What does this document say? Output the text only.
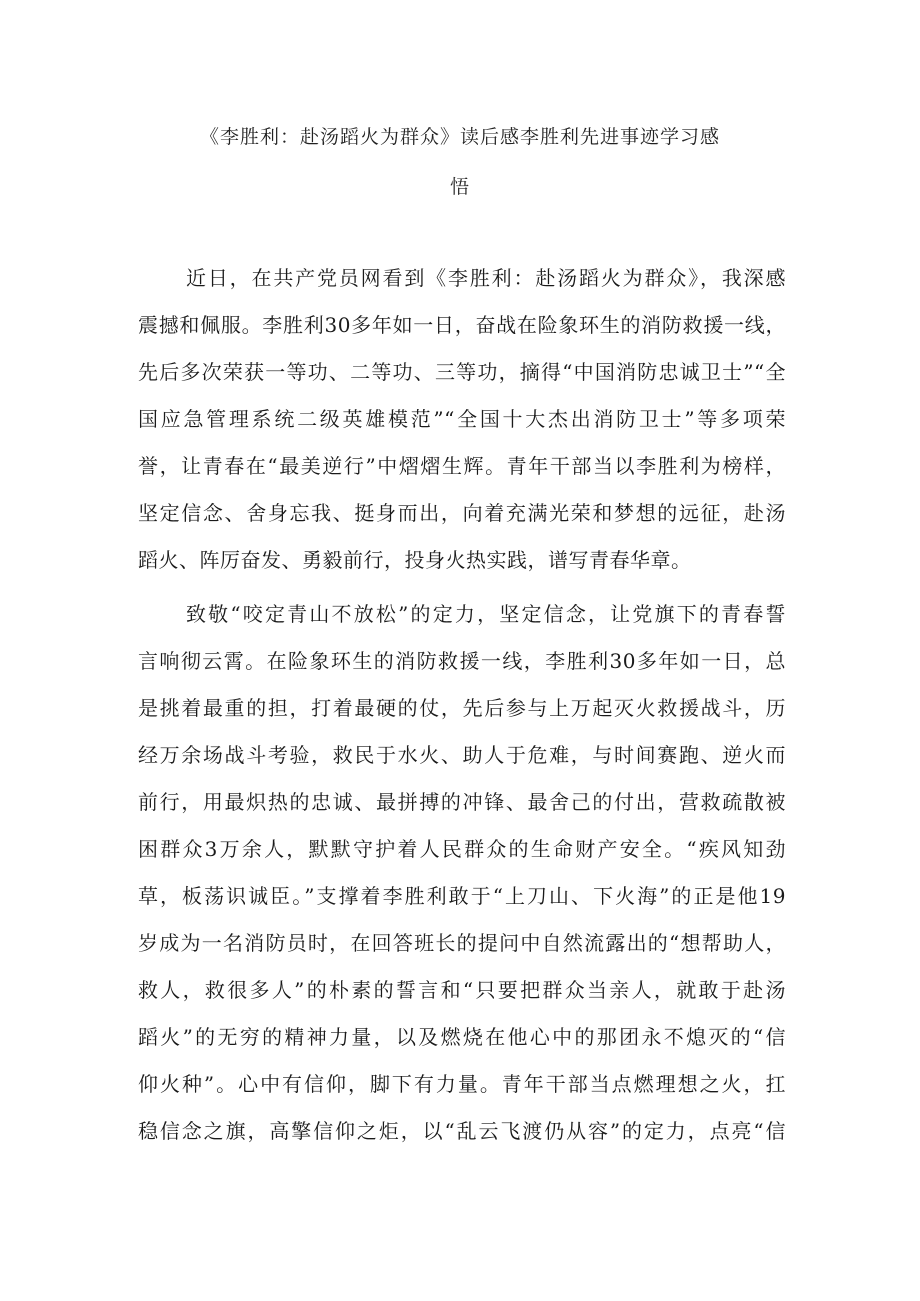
《李胜利：赴汤蹈火为群众》读后感李胜利先进事迹学习感
悟
近日，在共产党员网看到《李胜利：赴汤蹈火为群众》，我深感
震撼和佩服。李胜利30多年如一日，奋战在险象环生的消防救援一线，
先后多次荣获一等功、二等功、三等功，摘得“中国消防忠诚卫士”“全
国应急管理系统二级英雄模范”“全国十大杰出消防卫士”等多项荣
誉，让青春在“最美逆行”中熠熠生辉。青年干部当以李胜利为榜样，
坚定信念、舍身忘我、挺身而出，向着充满光荣和梦想的远征，赴汤
蹈火、阵厉奋发、勇毅前行，投身火热实践，谱写青春华章。
致敬“咬定青山不放松”的定力，坚定信念，让党旗下的青春誓
言响彻云霄。在险象环生的消防救援一线，李胜利30多年如一日，总
是挑着最重的担，打着最硬的仗，先后参与上万起灭火救援战斗，历
经万余场战斗考验，救民于水火、助人于危难，与时间赛跑、逆火而
前行，用最炽热的忠诚、最拼搏的冲锋、最舍己的付出，营救疏散被
困群众3万余人，默默守护着人民群众的生命财产安全。“疾风知劲
草，板荡识诚臣。”支撑着李胜利敢于“上刀山、下火海”的正是他19
岁成为一名消防员时，在回答班长的提问中自然流露出的“想帮助人，
救人，救很多人”的朴素的誓言和“只要把群众当亲人，就敢于赴汤
蹈火”的无穷的精神力量，以及燃烧在他心中的那团永不熄灭的“信
仰火种”。心中有信仰，脚下有力量。青年干部当点燃理想之火，扛
稳信念之旗，高擎信仰之炬，以“乱云飞渡仍从容”的定力，点亮“信
